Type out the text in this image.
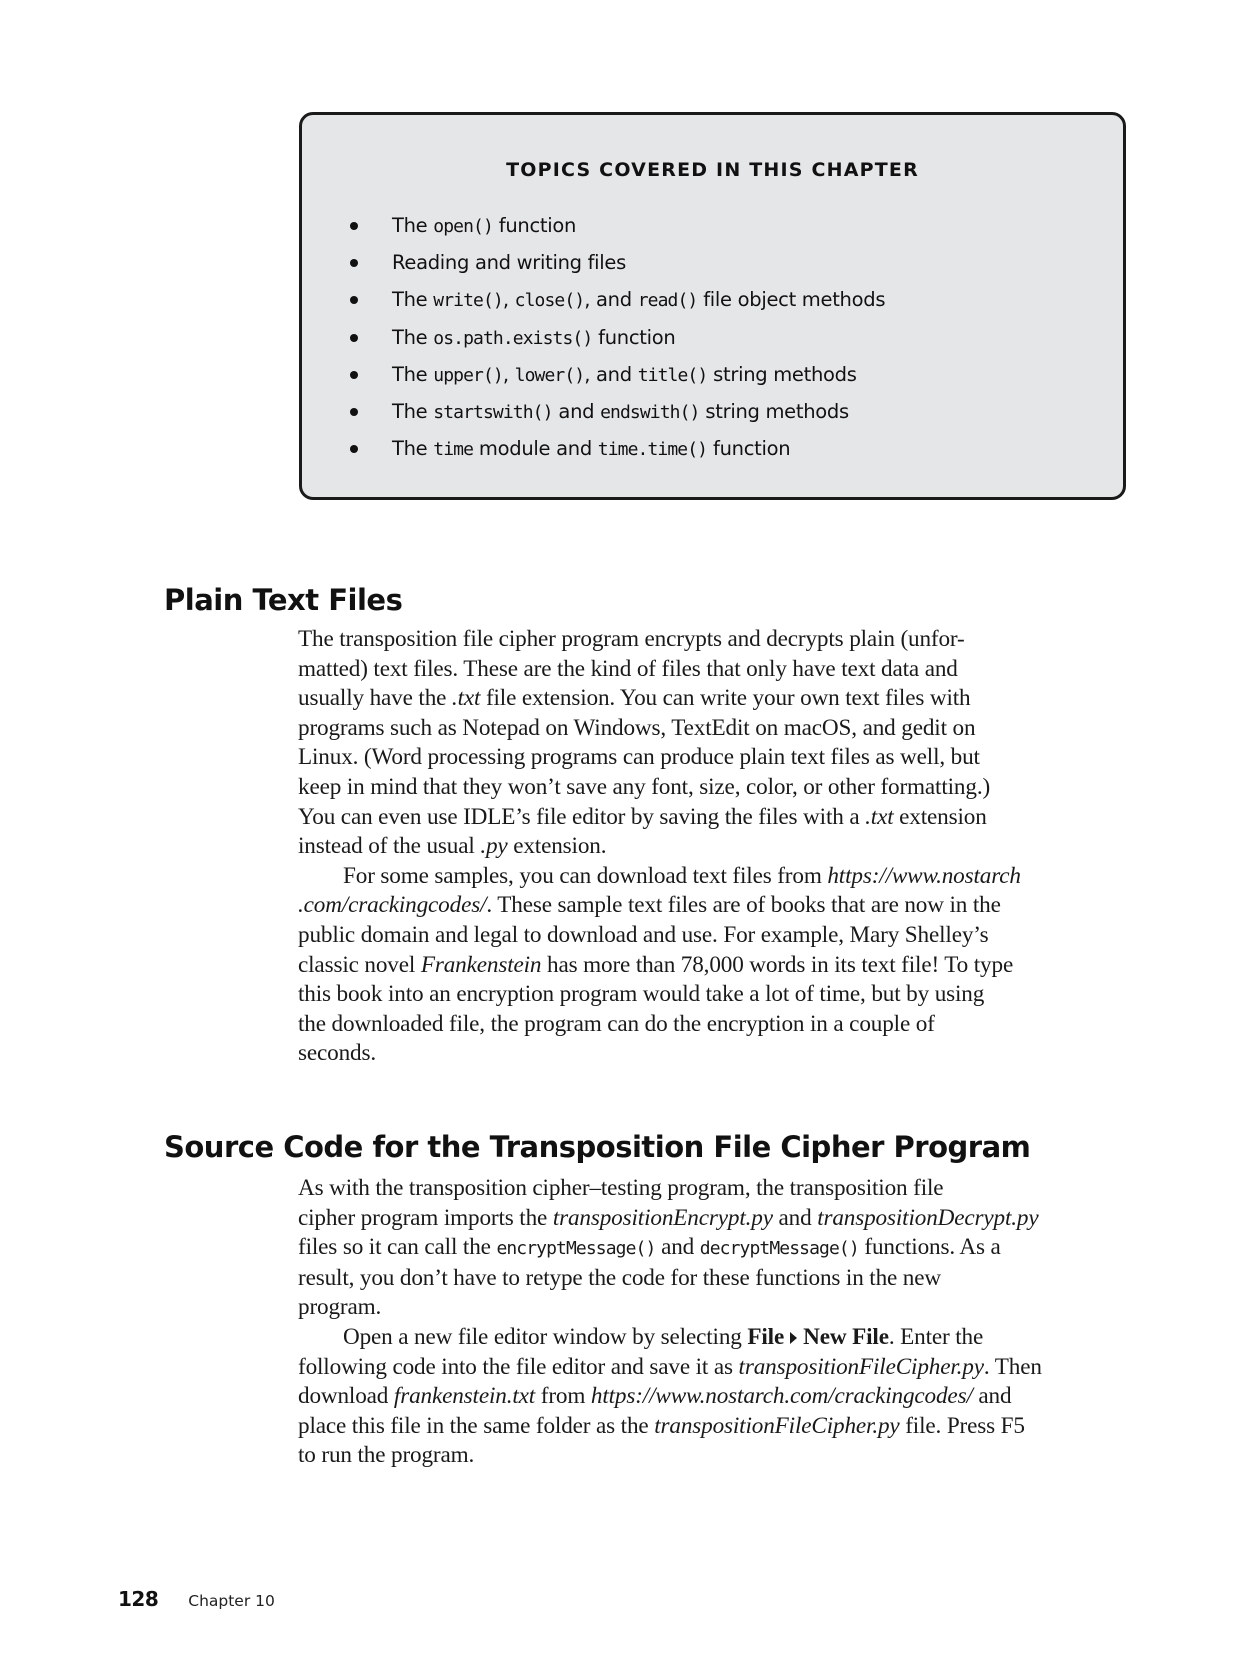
TOPICS COVERED IN THIS CHAPTER
The open() function
Reading and writing files
The write(), close(), and read() file object methods
The os.path.exists() function
The upper(), lower(), and title() string methods
The startswith() and endswith() string methods
The time module and time.time() function
Plain Text Files

The transposition file cipher program encrypts and decrypts plain (unfor-
matted) text files. These are the kind of files that only have text data and
usually have the .txt file extension. You can write your own text files with
programs such as Notepad on Windows, TextEdit on macOS, and gedit on
Linux. (Word processing programs can produce plain text files as well, but
keep in mind that they won’t save any font, size, color, or other formatting.)
You can even use IDLE’s file editor by saving the files with a .txt extension
instead of the usual .py extension.

For some samples, you can download text files from https://www.nostarch
.com/crackingcodes/. These sample text files are of books that are now in the
public domain and legal to download and use. For example, Mary Shelley’s
classic novel Frankenstein has more than 78,000 words in its text file! To type
this book into an encryption program would take a lot of time, but by using
the downloaded file, the program can do the encryption in a couple of
seconds.

Source Code for the Transposition File Cipher Program

As with the transposition cipher–testing program, the transposition file
cipher program imports the transpositionEncrypt.py and transpositionDecrypt.py
files so it can call the encryptMessage() and decryptMessage() functions. As a
result, you don’t have to retype the code for these functions in the new
program.

Open a new file editor window by selecting File New File. Enter the
following code into the file editor and save it as transpositionFileCipher.py. Then
download frankenstein.txt from https://www.nostarch.com/crackingcodes/ and
place this file in the same folder as the transpositionFileCipher.py file. Press F5
to run the program.

128 Chapter 10
